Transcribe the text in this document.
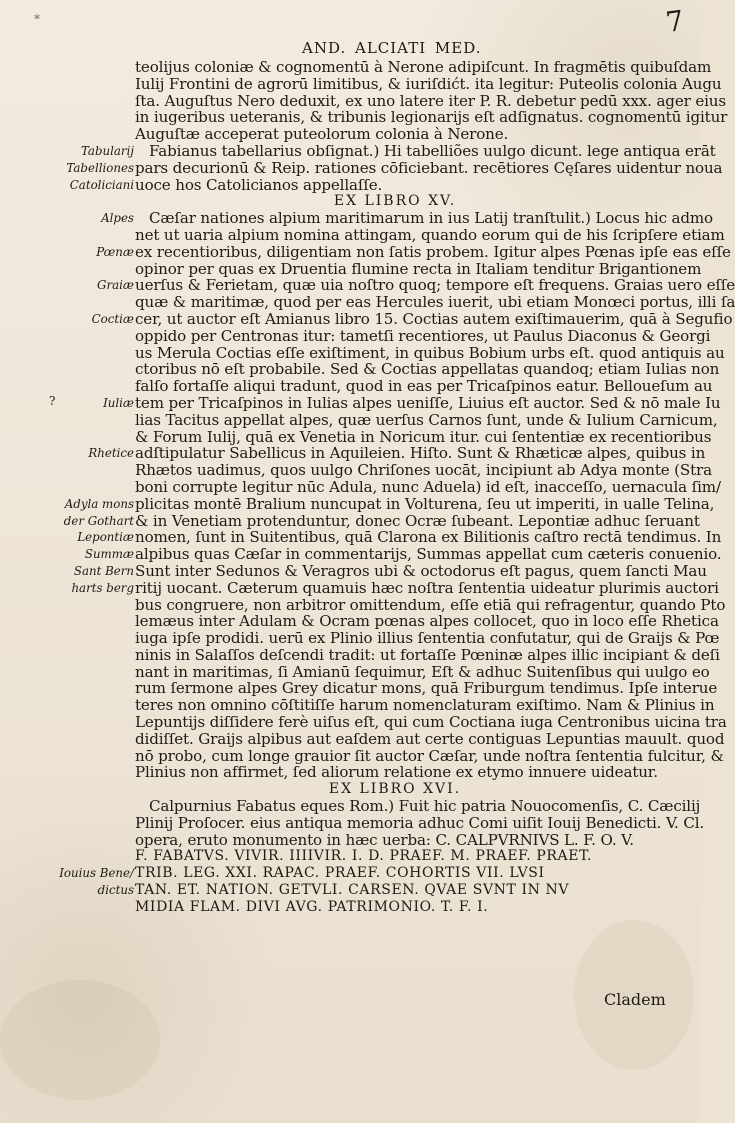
*	7
AND. ALCIATI MED.
Tabularij
Tabelliones
Catoliciani
Alpes
Pœnæ
Graiæ
Coctiæ
Iuliæ
Rhetice
Adyla mons
der Gothart
Lepontiæ
Summæ
Sant Bern
harts berg
Iouius Bene/
dictus
?
teolijus coloniæ & cognomentū à Nerone adipiſcunt. In fragmētis quibuſdam
Iulij Frontini de agrorū limitibus, & iuriſdićt. ita legitur: Puteolis colonia Augu
ſta. Auguſtus Nero deduxit, ex uno latere iter P. R. debetur pedū xxx. ager eius
in iugeribus ueteranis, & tribunis legionarijs eſt adſignatus. cognomentū igitur
Auguſtæ acceperat puteolorum colonia à Nerone.
Fabianus tabellarius obſignat.) Hi tabelliões uulgo dicunt. lege antiqua erāt
pars decurionū & Reip. rationes cōficiebant. recētiores Cęſares uidentur noua
uoce hos Catolicianos appellaſſe.
EX LIBRO XV.
Cæſar nationes alpium maritimarum in ius Latij tranſtulit.) Locus hic admo
net ut uaria alpium nomina attingam, quando eorum qui de his ſcripſere etiam
ex recentioribus, diligentiam non ſatis probem. Igitur alpes Pœnas ipſe eas eſſe
opinor per quas ex Druentia flumine recta in Italiam tenditur Brigantionem
uerſus & Ferietam, quæ uia noſtro quoq; tempore eſt frequens. Graias uero eſſe
quæ & maritimæ, quod per eas Hercules iuerit, ubi etiam Monœci portus, illi ſa
cer, ut auctor eſt Amianus libro 15. Coctias autem exiſtimauerim, quā à Segufio
oppido per Centronas itur: tametſi recentiores, ut Paulus Diaconus & Georgi
us Merula Coctias eſſe exiſtiment, in quibus Bobium urbs eſt. quod antiquis au
ctoribus nō eſt probabile. Sed & Coctias appellatas quandoq; etiam Iulias non
falſo fortaſſe aliqui tradunt, quod in eas per Tricaſpinos eatur. Belloueſum au
tem per Tricaſpinos in Iulias alpes ueniſſe, Liuius eſt auctor. Sed & nō male Iu
lias Tacitus appellat alpes, quæ uerſus Carnos ſunt, unde & Iulium Carnicum,
& Forum Iulij, quā ex Venetia in Noricum itur. cui ſententiæ ex recentioribus
adſtipulatur Sabellicus in Aquileien. Hiſto. Sunt & Rhæticæ alpes, quibus in
Rhætos uadimus, quos uulgo Chriſones uocāt, incipiunt ab Adya monte (Stra
boni corrupte legitur nūc Adula, nunc Aduela) id eſt, inacceſſo, uernacula ſim/
plicitas montē Bralium nuncupat in Volturena, ſeu ut imperiti, in ualle Telina,
& in Venetiam protenduntur, donec Ocræ ſubeant. Lepontiæ adhuc ſeruant
nomen, ſunt in Suitentibus, quā Clarona ex Bilitionis caſtro rectā tendimus. In
alpibus quas Cæſar in commentarijs, Summas appellat cum cæteris conuenio.
Sunt inter Sedunos & Veragros ubi & octodorus eſt pagus, quem ſancti Mau
ritij uocant. Cæterum quamuis hæc noſtra ſententia uideatur plurimis auctori
bus congruere, non arbitror omittendum, eſſe etiā qui refragentur, quando Pto
lemæus inter Adulam & Ocram pœnas alpes collocet, quo in loco eſſe Rhetica
iuga ipſe prodidi. uerū ex Plinio illius ſententia confutatur, qui de Graijs & Pœ
ninis in Salaſſos deſcendi tradit: ut fortaſſe Pœninæ alpes illic incipiant & deſi
nant in maritimas, ſi Amianū ſequimur, Eſt & adhuc Suitenſibus qui uulgo eo
rum ſermone alpes Grey dicatur mons, quā Friburgum tendimus. Ipſe interue
teres non omnino cōſtitiſſe harum nomenclaturam exiſtimo. Nam & Plinius in
Lepuntijs diſſidere ferè uiſus eſt, qui cum Coctiana iuga Centronibus uicina tra
didiſſet. Graijs alpibus aut eaſdem aut certe contiguas Lepuntias mauult. quod
nō probo, cum longe grauior ſit auctor Cæſar, unde noſtra ſententia fulcitur, &
Plinius non affirmet, ſed aliorum relatione ex etymo innuere uideatur.
EX LIBRO XVI.
Calpurnius Fabatus eques Rom.) Fuit hic patria Nouocomenſis, C. Cæcilij
Plinij Proſocer. eius antiqua memoria adhuc Comi uiſit Iouij Benedicti. V. Cl.
opera, eruto monumento in hæc uerba: C. CALPVRNIVS L. F. O. V.
F. FABATVS. VIVIR. IIIIVIR. I. D. PRAEF. M. PRAEF. PRAET.
TRIB. LEG. XXI. RAPAC. PRAEF. COHORTIS VII. LVSI
TAN. ET. NATION. GETVLI. CARSEN. QVAE SVNT IN NV
MIDIA FLAM. DIVI AVG. PATRIMONIO. T. F. I.
Cladem
